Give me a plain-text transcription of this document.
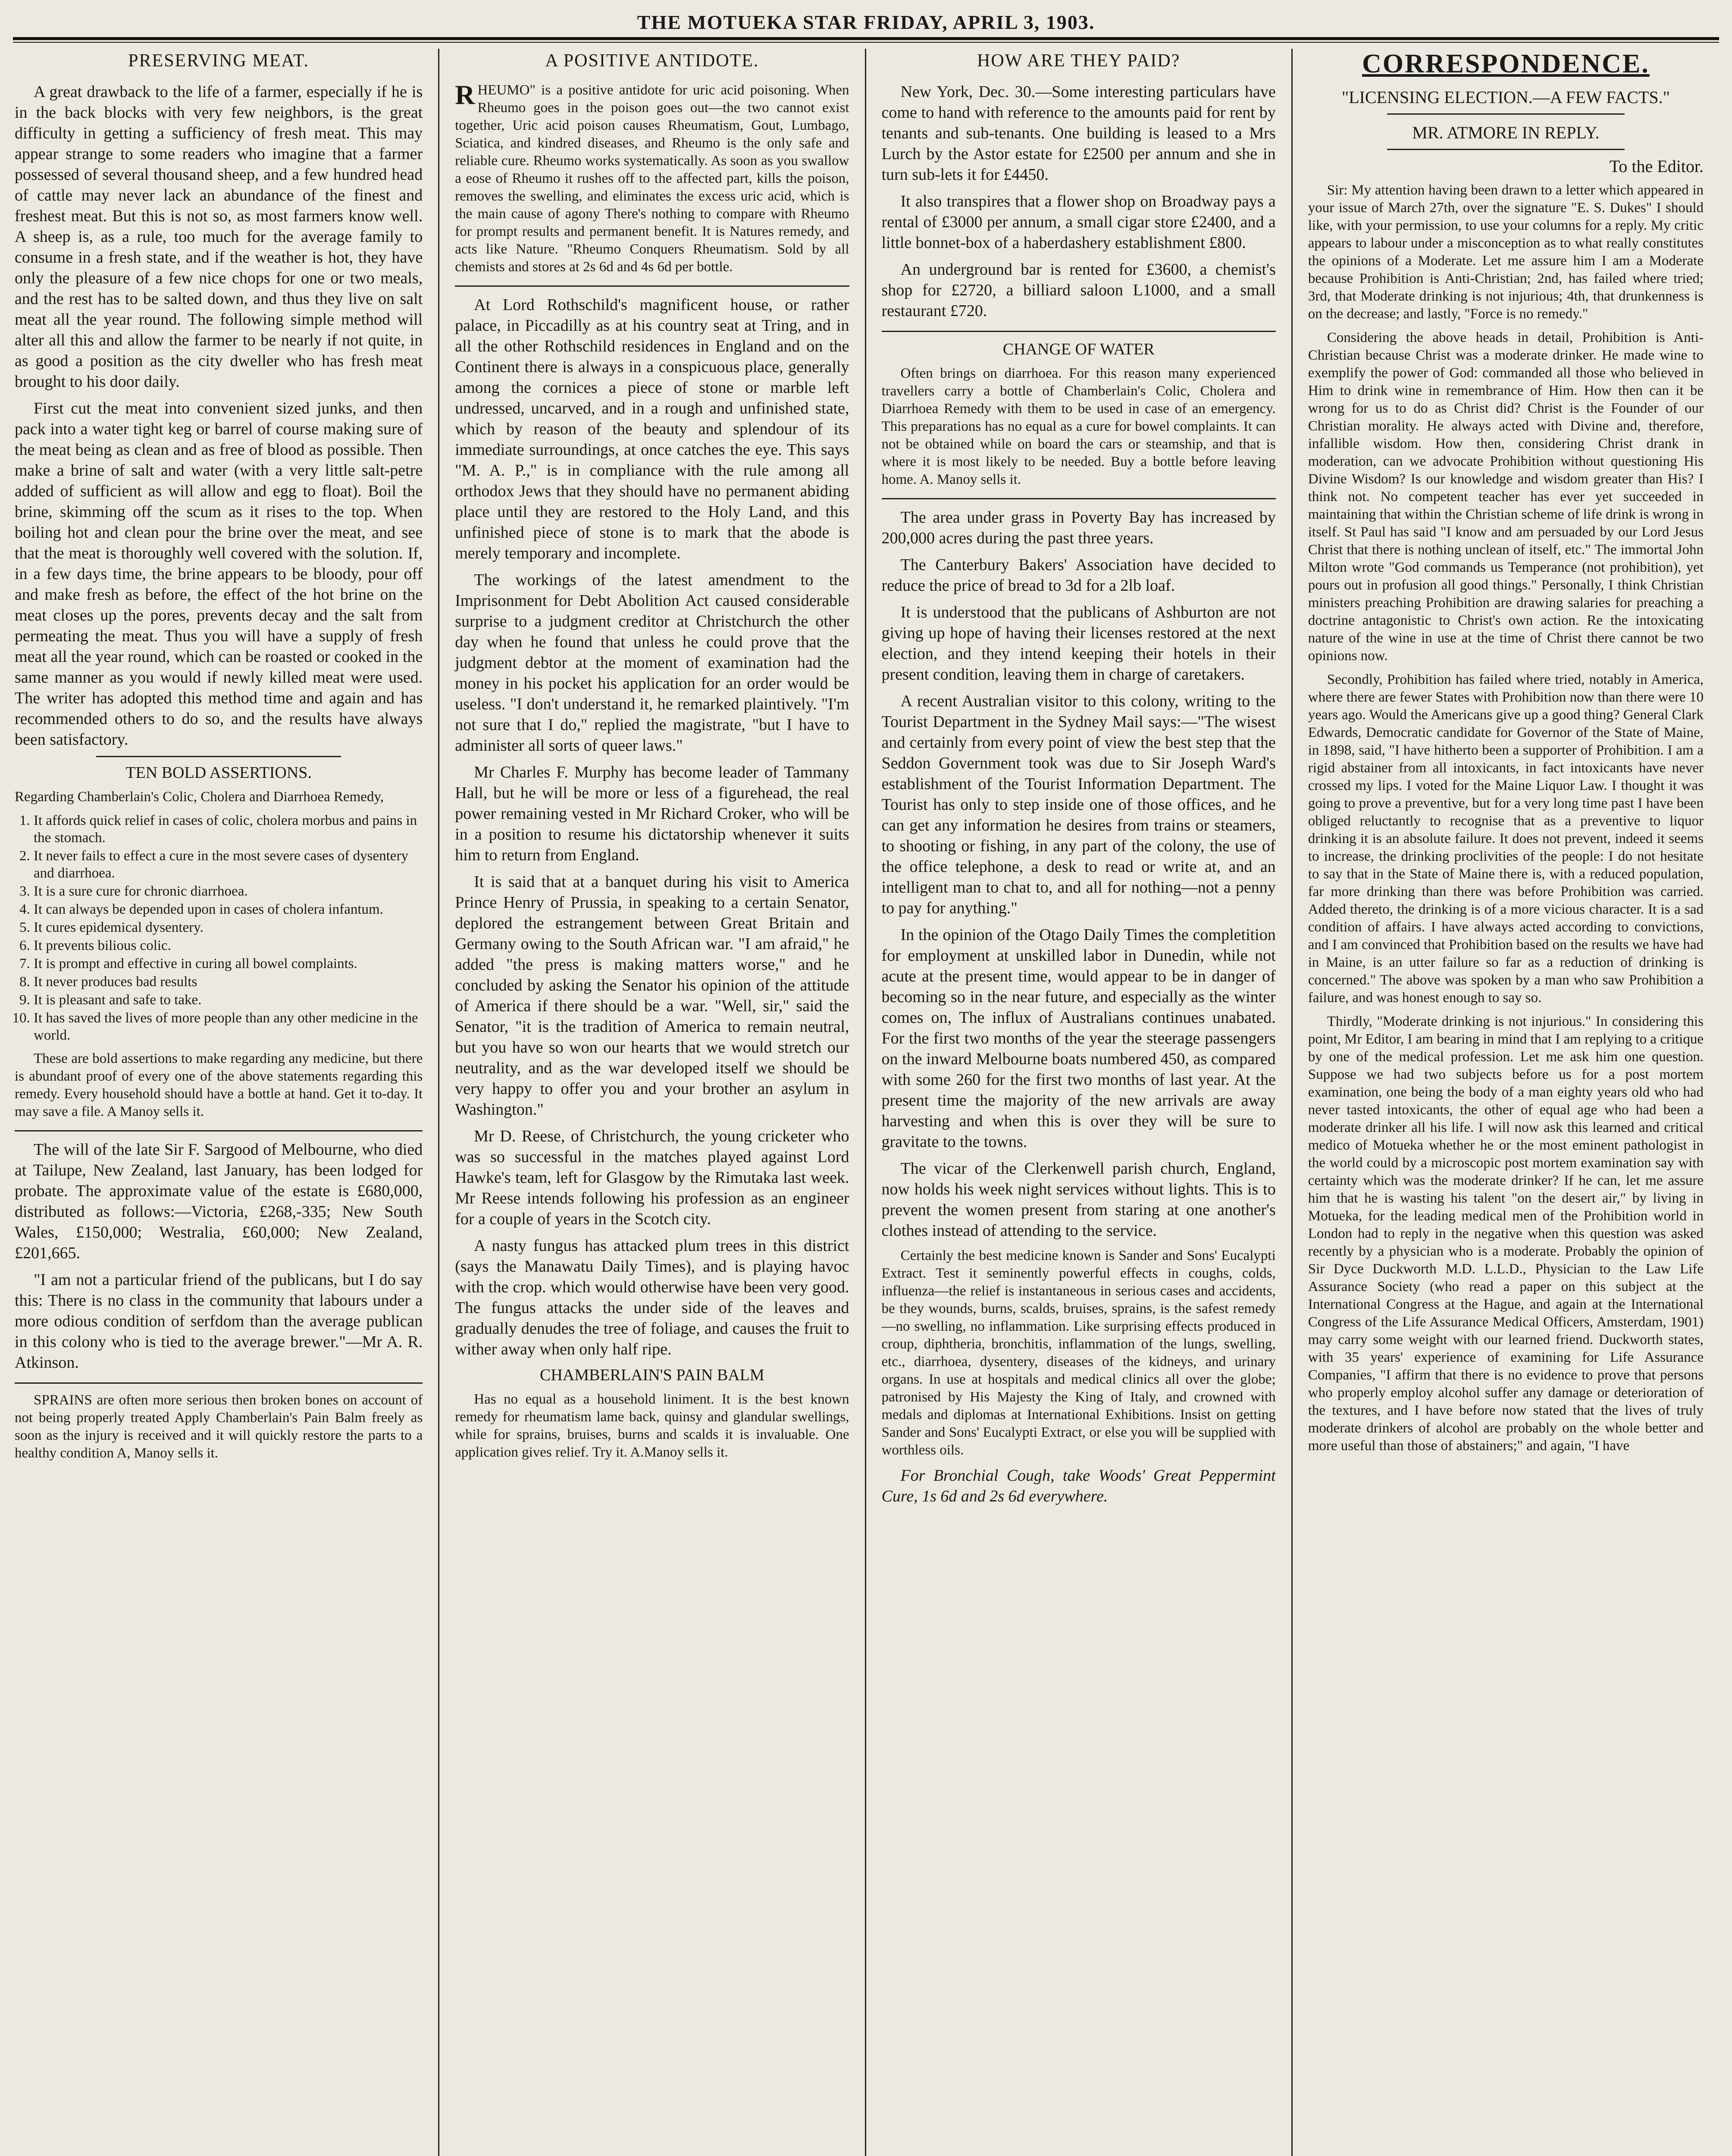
THE MOTUEKA STAR FRIDAY, APRIL 3, 1903.
PRESERVING MEAT.

A great drawback to the life of a farmer, especially if he is in the back blocks with very few neighbors, is the great difficulty in getting a sufficiency of fresh meat. This may appear strange to some readers who imagine that a farmer possessed of several thousand sheep, and a few hundred head of cattle may never lack an abundance of the finest and freshest meat. But this is not so, as most farmers know well. A sheep is, as a rule, too much for the average family to consume in a fresh state, and if the weather is hot, they have only the pleasure of a few nice chops for one or two meals, and the rest has to be salted down, and thus they live on salt meat all the year round. The following simple method will alter all this and allow the farmer to be nearly if not quite, in as good a position as the city dweller who has fresh meat brought to his door daily.

First cut the meat into convenient sized junks, and then pack into a water tight keg or barrel of course making sure of the meat being as clean and as free of blood as possible. Then make a brine of salt and water (with a very little salt-petre added of sufficient as will allow and egg to float). Boil the brine, skimming off the scum as it rises to the top. When boiling hot and clean pour the brine over the meat, and see that the meat is thoroughly well covered with the solution. If, in a few days time, the brine appears to be bloody, pour off and make fresh as before, the effect of the hot brine on the meat closes up the pores, prevents decay and the salt from permeating the meat. Thus you will have a supply of fresh meat all the year round, which can be roasted or cooked in the same manner as you would if newly killed meat were used. The writer has adopted this method time and again and has recommended others to do so, and the results have always been satisfactory.

TEN BOLD ASSERTIONS.

Regarding Chamberlain's Colic, Cholera and Diarrhoea Remedy,

1. It affords quick relief in cases of colic, cholera morbus and pains in the stomach.
2. It never fails to effect a cure in the most severe cases of dysentery and diarrhoea.
3. It is a sure cure for chronic diarrhoea.
4. It can always be depended upon in cases of cholera infantum.
5. It cures epidemical dysentery.
6. It prevents bilious colic.
7. It is prompt and effective in curing all bowel complaints.
8. It never produces bad results
9. It is pleasant and safe to take.
10. It has saved the lives of more people than any other medicine in the world.

These are bold assertions to make regarding any medicine, but there is abundant proof of every one of the above statements regarding this remedy. Every household should have a bottle at hand. Get it to-day. It may save a file. A Manoy sells it.

The will of the late Sir F. Sargood of Melbourne, who died at Tailupe, New Zealand, last January, has been lodged for probate. The approximate value of the estate is £680,000, distributed as follows:—Victoria, £268,-335; New South Wales, £150,000; Westralia, £60,000; New Zealand, £201,665.

"I am not a particular friend of the publicans, but I do say this: There is no class in the community that labours under a more odious condition of serfdom than the average publican in this colony who is tied to the average brewer."—Mr A. R. Atkinson.

SPRAINS are often more serious then broken bones on account of not being properly treated Apply Chamberlain's Pain Balm freely as soon as the injury is received and it will quickly restore the parts to a healthy condition A, Manoy sells it.

A POSITIVE ANTIDOTE.

RHEUMO" is a positive antidote for uric acid poisoning. When Rheumo goes in the poison goes out—the two cannot exist together, Uric acid poison causes Rheumatism, Gout, Lumbago, Sciatica, and kindred diseases, and Rheumo is the only safe and reliable cure. Rheumo works systematically. As soon as you swallow a eose of Rheumo it rushes off to the affected part, kills the poison, removes the swelling, and eliminates the excess uric acid, which is the main cause of agony There's nothing to compare with Rheumo for prompt results and permanent benefit. It is Natures remedy, and acts like Nature. "Rheumo Conquers Rheumatism. Sold by all chemists and stores at 2s 6d and 4s 6d per bottle.

At Lord Rothschild's magnificent house, or rather palace, in Piccadilly as at his country seat at Tring, and in all the other Rothschild residences in England and on the Continent there is always in a conspicuous place, generally among the cornices a piece of stone or marble left undressed, uncarved, and in a rough and unfinished state, which by reason of the beauty and splendour of its immediate surroundings, at once catches the eye. This says "M. A. P.," is in compliance with the rule among all orthodox Jews that they should have no permanent abiding place until they are restored to the Holy Land, and this unfinished piece of stone is to mark that the abode is merely temporary and incomplete.

The workings of the latest amendment to the Imprisonment for Debt Abolition Act caused considerable surprise to a judgment creditor at Christchurch the other day when he found that unless he could prove that the judgment debtor at the moment of examination had the money in his pocket his application for an order would be useless. "I don't understand it, he remarked plaintively. "I'm not sure that I do," replied the magistrate, "but I have to administer all sorts of queer laws."

Mr Charles F. Murphy has become leader of Tammany Hall, but he will be more or less of a figurehead, the real power remaining vested in Mr Richard Croker, who will be in a position to resume his dictatorship whenever it suits him to return from England.

It is said that at a banquet during his visit to America Prince Henry of Prussia, in speaking to a certain Senator, deplored the estrangement between Great Britain and Germany owing to the South African war. "I am afraid," he added "the press is making matters worse," and he concluded by asking the Senator his opinion of the attitude of America if there should be a war. "Well, sir," said the Senator, "it is the tradition of America to remain neutral, but you have so won our hearts that we would stretch our neutrality, and as the war developed itself we should be very happy to offer you and your brother an asylum in Washington."

Mr D. Reese, of Christchurch, the young cricketer who was so successful in the matches played against Lord Hawke's team, left for Glasgow by the Rimutaka last week. Mr Reese intends following his profession as an engineer for a couple of years in the Scotch city.

A nasty fungus has attacked plum trees in this district (says the Manawatu Daily Times), and is playing havoc with the crop. which would otherwise have been very good. The fungus attacks the under side of the leaves and gradually denudes the tree of foliage, and causes the fruit to wither away when only half ripe.

CHAMBERLAIN'S PAIN BALM

Has no equal as a household liniment. It is the best known remedy for rheumatism lame back, quinsy and glandular swellings, while for sprains, bruises, burns and scalds it is invaluable. One application gives relief. Try it. A.Manoy sells it.

HOW ARE THEY PAID?

New York, Dec. 30.—Some interesting particulars have come to hand with reference to the amounts paid for rent by tenants and sub-tenants. One building is leased to a Mrs Lurch by the Astor estate for £2500 per annum and she in turn sub-lets it for £4450.

It also transpires that a flower shop on Broadway pays a rental of £3000 per annum, a small cigar store £2400, and a little bonnet-box of a haberdashery establishment £800.

An underground bar is rented for £3600, a chemist's shop for £2720, a billiard saloon L1000, and a small restaurant £720.

CHANGE OF WATER

Often brings on diarrhoea. For this reason many experienced travellers carry a bottle of Chamberlain's Colic, Cholera and Diarrhoea Remedy with them to be used in case of an emergency. This preparations has no equal as a cure for bowel complaints. It can not be obtained while on board the cars or steamship, and that is where it is most likely to be needed. Buy a bottle before leaving home. A. Manoy sells it.

The area under grass in Poverty Bay has increased by 200,000 acres during the past three years.

The Canterbury Bakers' Association have decided to reduce the price of bread to 3d for a 2lb loaf.

It is understood that the publicans of Ashburton are not giving up hope of having their licenses restored at the next election, and they intend keeping their hotels in their present condition, leaving them in charge of caretakers.

A recent Australian visitor to this colony, writing to the Tourist Department in the Sydney Mail says:—"The wisest and certainly from every point of view the best step that the Seddon Government took was due to Sir Joseph Ward's establishment of the Tourist Information Department. The Tourist has only to step inside one of those offices, and he can get any information he desires from trains or steamers, to shooting or fishing, in any part of the colony, the use of the office telephone, a desk to read or write at, and an intelligent man to chat to, and all for nothing—not a penny to pay for anything."

In the opinion of the Otago Daily Times the completition for employment at unskilled labor in Dunedin, while not acute at the present time, would appear to be in danger of becoming so in the near future, and especially as the winter comes on, The influx of Australians continues unabated. For the first two months of the year the steerage passengers on the inward Melbourne boats numbered 450, as compared with some 260 for the first two months of last year. At the present time the majority of the new arrivals are away harvesting and when this is over they will be sure to gravitate to the towns.

The vicar of the Clerkenwell parish church, England, now holds his week night services without lights. This is to prevent the women present from staring at one another's clothes instead of attending to the service.

Certainly the best medicine known is Sander and Sons' Eucalypti Extract. Test it seminently powerful effects in coughs, colds, influenza—the relief is instantaneous in serious cases and accidents, be they wounds, burns, scalds, bruises, sprains, is the safest remedy—no swelling, no inflammation. Like surprising effects produced in croup, diphtheria, bronchitis, inflammation of the lungs, swelling, etc., diarrhoea, dysentery, diseases of the kidneys, and urinary organs. In use at hospitals and medical clinics all over the globe; patronised by His Majesty the King of Italy, and crowned with medals and diplomas at International Exhibitions. Insist on getting Sander and Sons' Eucalypti Extract, or else you will be supplied with worthless oils.

For Bronchial Cough, take Woods' Great Peppermint Cure, 1s 6d and 2s 6d everywhere.

CORRESPONDENCE.
"LICENSING ELECTION.—A FEW FACTS."
MR. ATMORE IN REPLY.
To the Editor.

Sir: My attention having been drawn to a letter which appeared in your issue of March 27th, over the signature "E. S. Dukes" I should like, with your permission, to use your columns for a reply. My critic appears to labour under a misconception as to what really constitutes the opinions of a Moderate. Let me assure him I am a Moderate because Prohibition is Anti-Christian; 2nd, has failed where tried; 3rd, that Moderate drinking is not injurious; 4th, that drunkenness is on the decrease; and lastly, "Force is no remedy."

Considering the above heads in detail, Prohibition is Anti-Christian because Christ was a moderate drinker. He made wine to exemplify the power of God: commanded all those who believed in Him to drink wine in remembrance of Him. How then can it be wrong for us to do as Christ did? Christ is the Founder of our Christian morality. He always acted with Divine and, therefore, infallible wisdom. How then, considering Christ drank in moderation, can we advocate Prohibition without questioning His Divine Wisdom? Is our knowledge and wisdom greater than His? I think not. No competent teacher has ever yet succeeded in maintaining that within the Christian scheme of life drink is wrong in itself. St Paul has said "I know and am persuaded by our Lord Jesus Christ that there is nothing unclean of itself, etc." The immortal John Milton wrote "God commands us Temperance (not prohibition), yet pours out in profusion all good things." Personally, I think Christian ministers preaching Prohibition are drawing salaries for preaching a doctrine antagonistic to Christ's own action. Re the intoxicating nature of the wine in use at the time of Christ there cannot be two opinions now.

Secondly, Prohibition has failed where tried, notably in America, where there are fewer States with Prohibition now than there were 10 years ago. Would the Americans give up a good thing? General Clark Edwards, Democratic candidate for Governor of the State of Maine, in 1898, said, "I have hitherto been a supporter of Prohibition. I am a rigid abstainer from all intoxicants, in fact intoxicants have never crossed my lips. I voted for the Maine Liquor Law. I thought it was going to prove a preventive, but for a very long time past I have been obliged reluctantly to recognise that as a preventive to liquor drinking it is an absolute failure. It does not prevent, indeed it seems to increase, the drinking proclivities of the people: I do not hesitate to say that in the State of Maine there is, with a reduced population, far more drinking than there was before Prohibition was carried. Added thereto, the drinking is of a more vicious character. It is a sad condition of affairs. I have always acted according to convictions, and I am convinced that Prohibition based on the results we have had in Maine, is an utter failure so far as a reduction of drinking is concerned." The above was spoken by a man who saw Prohibition a failure, and was honest enough to say so.

Thirdly, "Moderate drinking is not injurious." In considering this point, Mr Editor, I am bearing in mind that I am replying to a critique by one of the medical profession. Let me ask him one question. Suppose we had two subjects before us for a post mortem examination, one being the body of a man eighty years old who had never tasted intoxicants, the other of equal age who had been a moderate drinker all his life. I will now ask this learned and critical medico of Motueka whether he or the most eminent pathologist in the world could by a microscopic post mortem examination say with certainty which was the moderate drinker? If he can, let me assure him that he is wasting his talent "on the desert air," by living in Motueka, for the leading medical men of the Prohibition world in London had to reply in the negative when this question was asked recently by a physician who is a moderate. Probably the opinion of Sir Dyce Duckworth M.D. L.L.D., Physician to the Law Life Assurance Society (who read a paper on this subject at the International Congress at the Hague, and again at the International Congress of the Life Assurance Medical Officers, Amsterdam, 1901) may carry some weight with our learned friend. Duckworth states, with 35 years' experience of examining for Life Assurance Companies, "I affirm that there is no evidence to prove that persons who properly employ alcohol suffer any damage or deterioration of the textures, and I have before now stated that the lives of truly moderate drinkers of alcohol are probably on the whole better and more useful than those of abstainers;" and again, "I have
